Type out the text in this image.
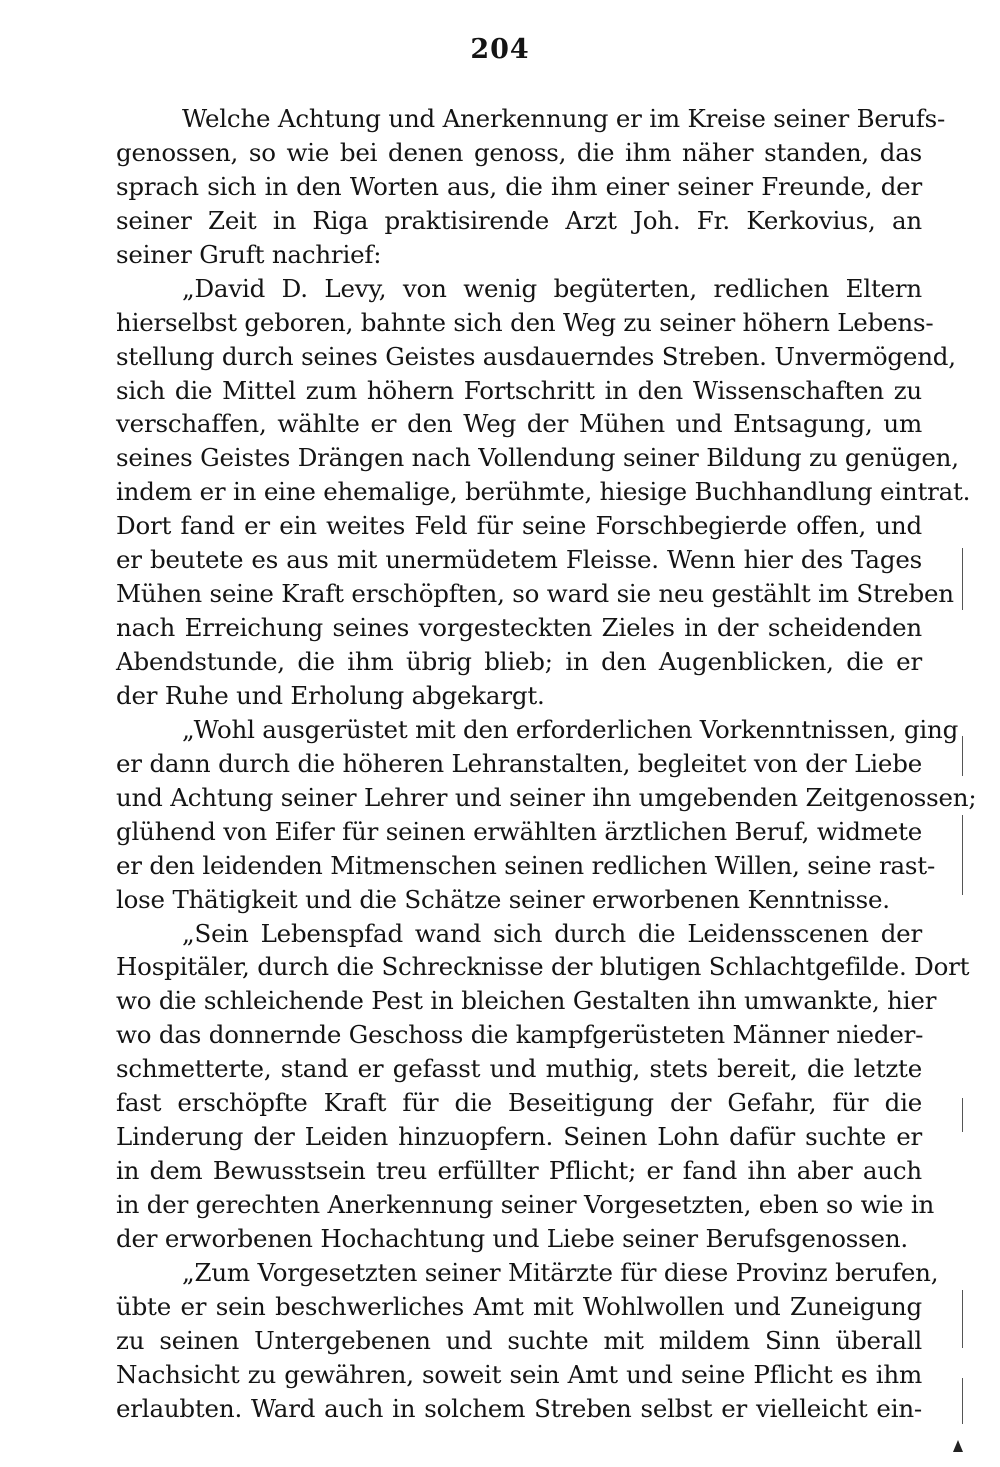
204
Welche Achtung und Anerkennung er im Kreise seiner Berufs-
genossen, so wie bei denen genoss, die ihm näher standen, das
sprach sich in den Worten aus, die ihm einer seiner Freunde, der
seiner Zeit in Riga praktisirende Arzt Joh. Fr. Kerkovius, an
seiner Gruft nachrief:
„David D. Levy, von wenig begüterten, redlichen Eltern
hierselbst geboren, bahnte sich den Weg zu seiner höhern Lebens-
stellung durch seines Geistes ausdauerndes Streben. Unvermögend,
sich die Mittel zum höhern Fortschritt in den Wissenschaften zu
verschaffen, wählte er den Weg der Mühen und Entsagung, um
seines Geistes Drängen nach Vollendung seiner Bildung zu genügen,
indem er in eine ehemalige, berühmte, hiesige Buchhandlung eintrat.
Dort fand er ein weites Feld für seine Forschbegierde offen, und
er beutete es aus mit unermüdetem Fleisse. Wenn hier des Tages
Mühen seine Kraft erschöpften, so ward sie neu gestählt im Streben
nach Erreichung seines vorgesteckten Zieles in der scheidenden
Abendstunde, die ihm übrig blieb; in den Augenblicken, die er
der Ruhe und Erholung abgekargt.
„Wohl ausgerüstet mit den erforderlichen Vorkenntnissen, ging
er dann durch die höheren Lehranstalten, begleitet von der Liebe
und Achtung seiner Lehrer und seiner ihn umgebenden Zeitgenossen;
glühend von Eifer für seinen erwählten ärztlichen Beruf, widmete
er den leidenden Mitmenschen seinen redlichen Willen, seine rast-
lose Thätigkeit und die Schätze seiner erworbenen Kenntnisse.
„Sein Lebenspfad wand sich durch die Leidensscenen der
Hospitäler, durch die Schrecknisse der blutigen Schlachtgefilde. Dort
wo die schleichende Pest in bleichen Gestalten ihn umwankte, hier
wo das donnernde Geschoss die kampfgerüsteten Männer nieder-
schmetterte, stand er gefasst und muthig, stets bereit, die letzte
fast erschöpfte Kraft für die Beseitigung der Gefahr, für die
Linderung der Leiden hinzuopfern. Seinen Lohn dafür suchte er
in dem Bewusstsein treu erfüllter Pflicht; er fand ihn aber auch
in der gerechten Anerkennung seiner Vorgesetzten, eben so wie in
der erworbenen Hochachtung und Liebe seiner Berufsgenossen.
„Zum Vorgesetzten seiner Mitärzte für diese Provinz berufen,
übte er sein beschwerliches Amt mit Wohlwollen und Zuneigung
zu seinen Untergebenen und suchte mit mildem Sinn überall
Nachsicht zu gewähren, soweit sein Amt und seine Pflicht es ihm
erlaubten. Ward auch in solchem Streben selbst er vielleicht ein-
